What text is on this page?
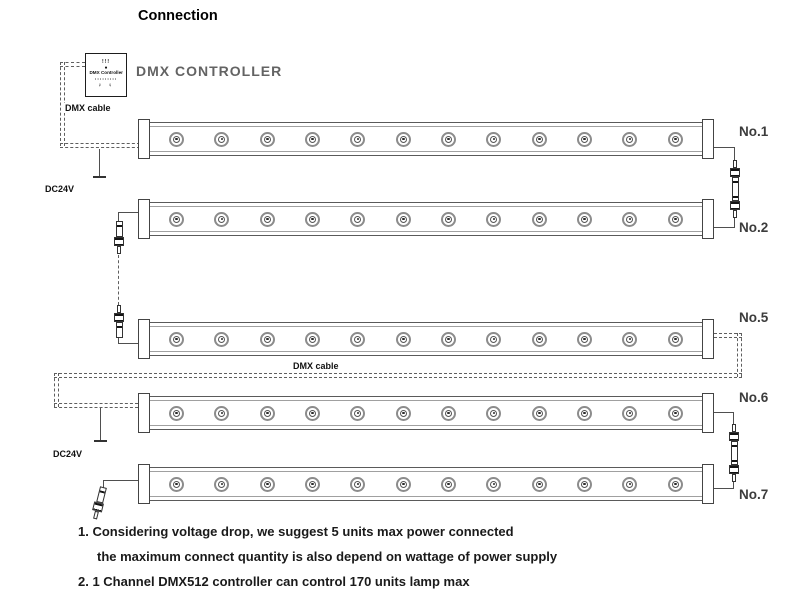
Connection
!!!
●
DMX Controller
·········
♀ ♀
DMX CONTROLLER
DMX cable
DC24V
No.1
No.2
No.5
DMX cable
DC24V
No.6
No.7
1. Considering voltage drop, we suggest 5 units max power connected
the maximum connect quantity is also depend on wattage of power supply
2. 1 Channel DMX512 controller can control 170 units lamp max
